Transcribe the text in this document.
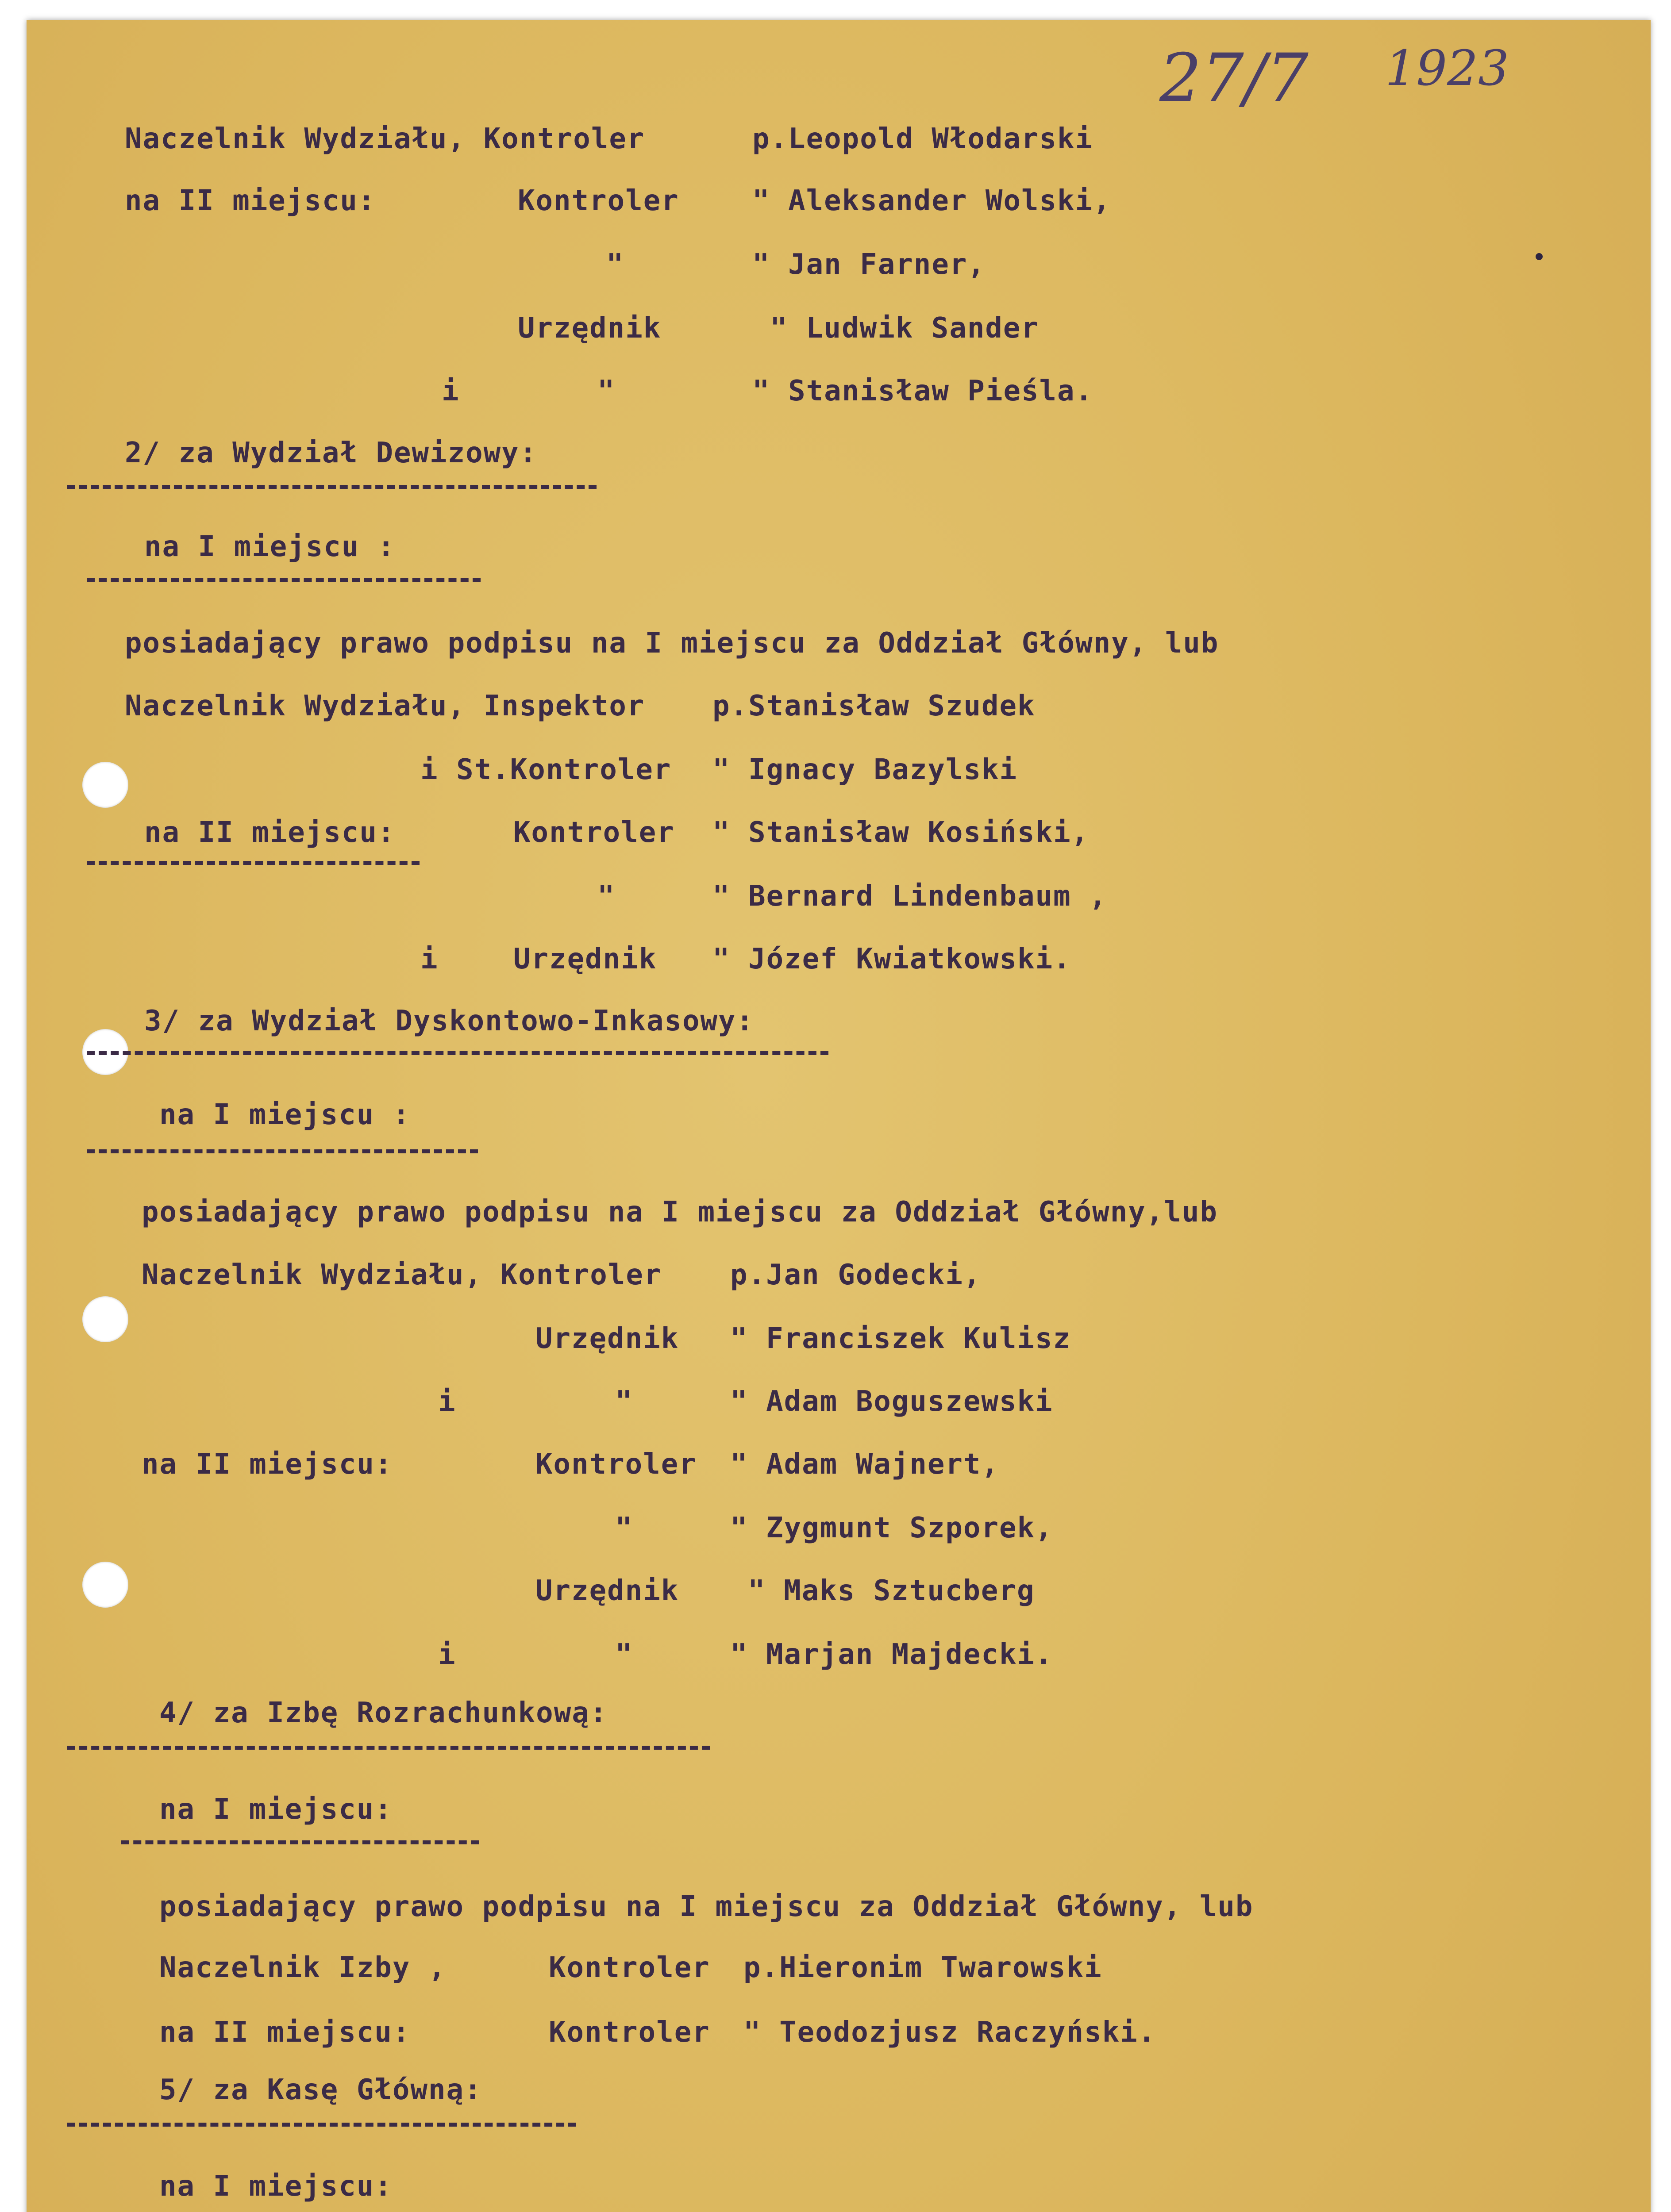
27/7 1923
Naczelnik Wydziału, Kontroler	p.Leopold Włodarski
na II miejscu:	Kontroler	" Aleksander Wolski,
"	" Jan Farner,
Urzędnik	" Ludwik Sander
i	"	" Stanisław Pieśla.
2/ za Wydział Dewizowy:
na I miejscu :
posiadający prawo podpisu na I miejscu za Oddział Główny, lub
Naczelnik Wydziału, Inspektor p.Stanisław Szudek
i St.Kontroler " Ignacy Bazylski
na II miejscu:	Kontroler " Stanisław Kosiński,
"	" Bernard Lindenbaum ,
i	Urzędnik " Józef Kwiatkowski.
3/ za Wydział Dyskontowo-Inkasowy:
na I miejscu :
posiadający prawo podpisu na I miejscu za Oddział Główny,lub
Naczelnik Wydziału, Kontroler p.Jan Godecki,
Urzędnik " Franciszek Kulisz
i	"	" Adam Boguszewski
na II miejscu:	Kontroler " Adam Wajnert,
"	" Zygmunt Szporek,
Urzędnik " Maks Sztucberg
i	"	" Marjan Majdecki.
4/ za Izbę Rozrachunkową:
na I miejscu:
posiadający prawo podpisu na I miejscu za Oddział Główny, lub
Naczelnik Izby ,	Kontroler p.Hieronim Twarowski
na II miejscu:	Kontroler " Teodozjusz Raczyński.
5/ za Kasę Główną:
na I miejscu:
